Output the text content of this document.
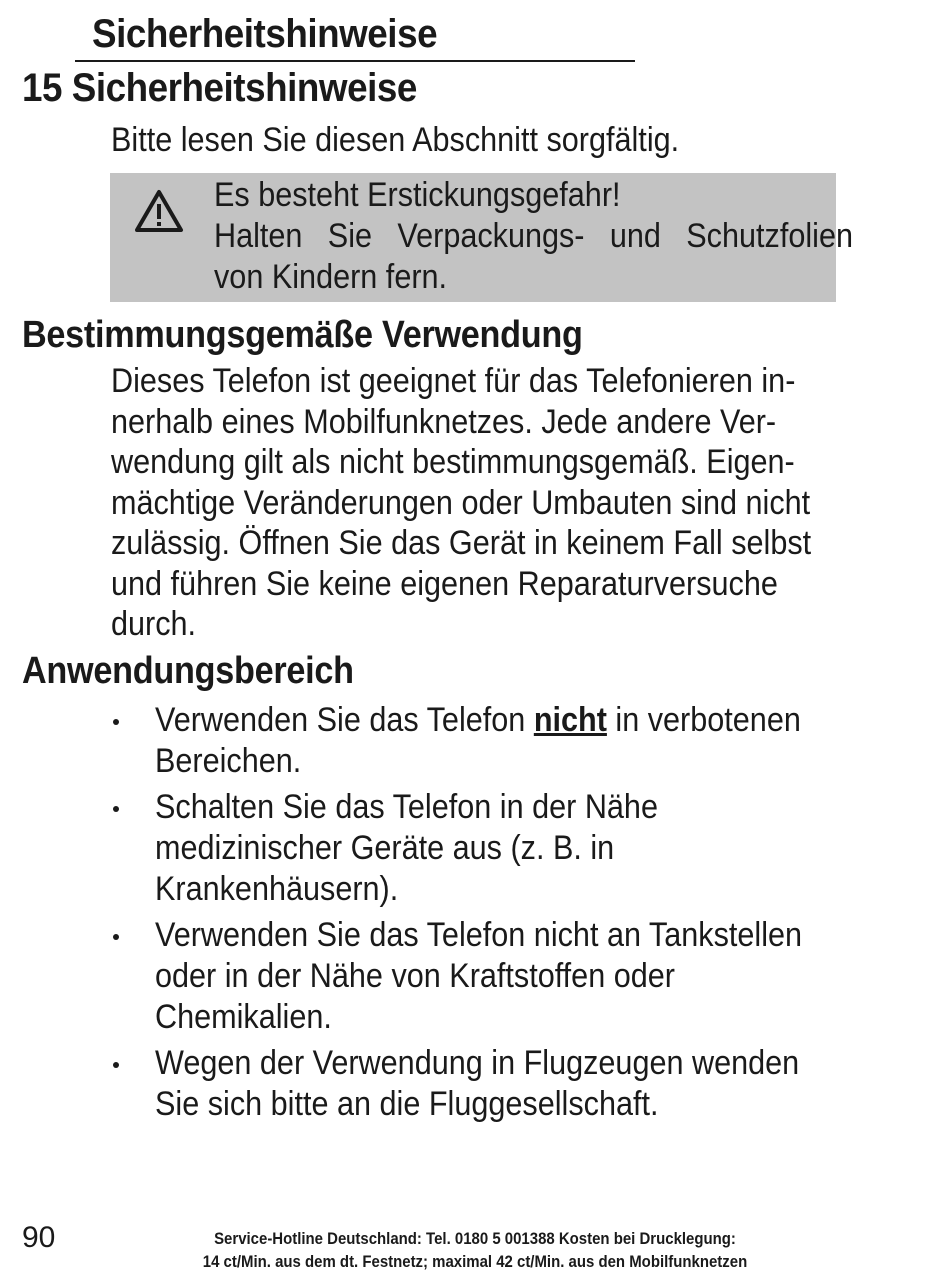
Sicherheitshinweise
15 Sicherheitshinweise
Bitte lesen Sie diesen Abschnitt sorgfältig.
Es besteht Erstickungsgefahr!
Halten Sie Verpackungs- und Schutzfolien
von Kindern fern.
Bestimmungsgemäße Verwendung
Dieses Telefon ist geeignet für das Telefonieren in-
nerhalb eines Mobilfunknetzes. Jede andere Ver-
wendung gilt als nicht bestimmungsgemäß. Eigen-
mächtige Veränderungen oder Umbauten sind nicht
zulässig. Öffnen Sie das Gerät in keinem Fall selbst
und führen Sie keine eigenen Reparaturversuche
durch.
Anwendungsbereich
Verwenden Sie das Telefon nicht in verbotenen
Bereichen.
Schalten Sie das Telefon in der Nähe
medizinischer Geräte aus (z. B. in
Krankenhäusern).
Verwenden Sie das Telefon nicht an Tankstellen
oder in der Nähe von Kraftstoffen oder
Chemikalien.
Wegen der Verwendung in Flugzeugen wenden
Sie sich bitte an die Fluggesellschaft.
90	Service-Hotline Deutschland: Tel. 0180 5 001388 Kosten bei Drucklegung:
14 ct/Min. aus dem dt. Festnetz; maximal 42 ct/Min. aus den Mobilfunknetzen
